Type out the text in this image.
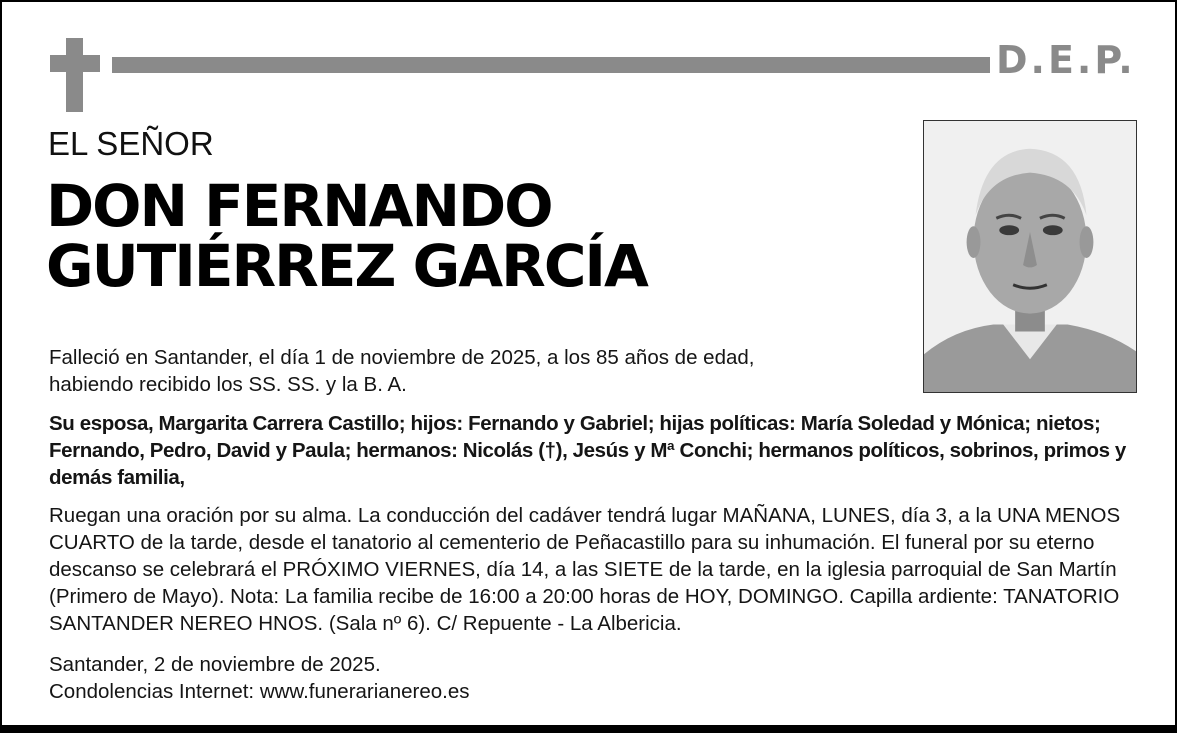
D.E.P.
EL SEÑOR
DON FERNANDO
GUTIÉRREZ GARCÍA
Falleció en Santander, el día 1 de noviembre de 2025, a los 85 años de edad,
habiendo recibido los SS. SS. y la B. A.
Su esposa, Margarita Carrera Castillo; hijos: Fernando y Gabriel; hijas políticas: María Soledad y Mónica; nietos; Fernando, Pedro, David y Paula; hermanos: Nicolás (†), Jesús y Mª Conchi; hermanos políticos, sobrinos, primos y demás familia,
Ruegan una oración por su alma. La conducción del cadáver tendrá lugar MAÑANA, LUNES, día 3, a la UNA MENOS CUARTO de la tarde, desde el tanatorio al cementerio de Peñacastillo para su inhumación. El funeral por su eterno descanso se celebrará el PRÓXIMO VIERNES, día 14, a las SIETE de la tarde, en la iglesia parroquial de San Martín (Primero de Mayo). Nota: La familia recibe de 16:00 a 20:00 horas de HOY, DOMINGO. Capilla ardiente: TANATORIO SANTANDER NEREO HNOS. (Sala nº 6). C/ Repuente - La Albericia.
Santander, 2 de noviembre de 2025.
Condolencias Internet: www.funerarianereo.es
